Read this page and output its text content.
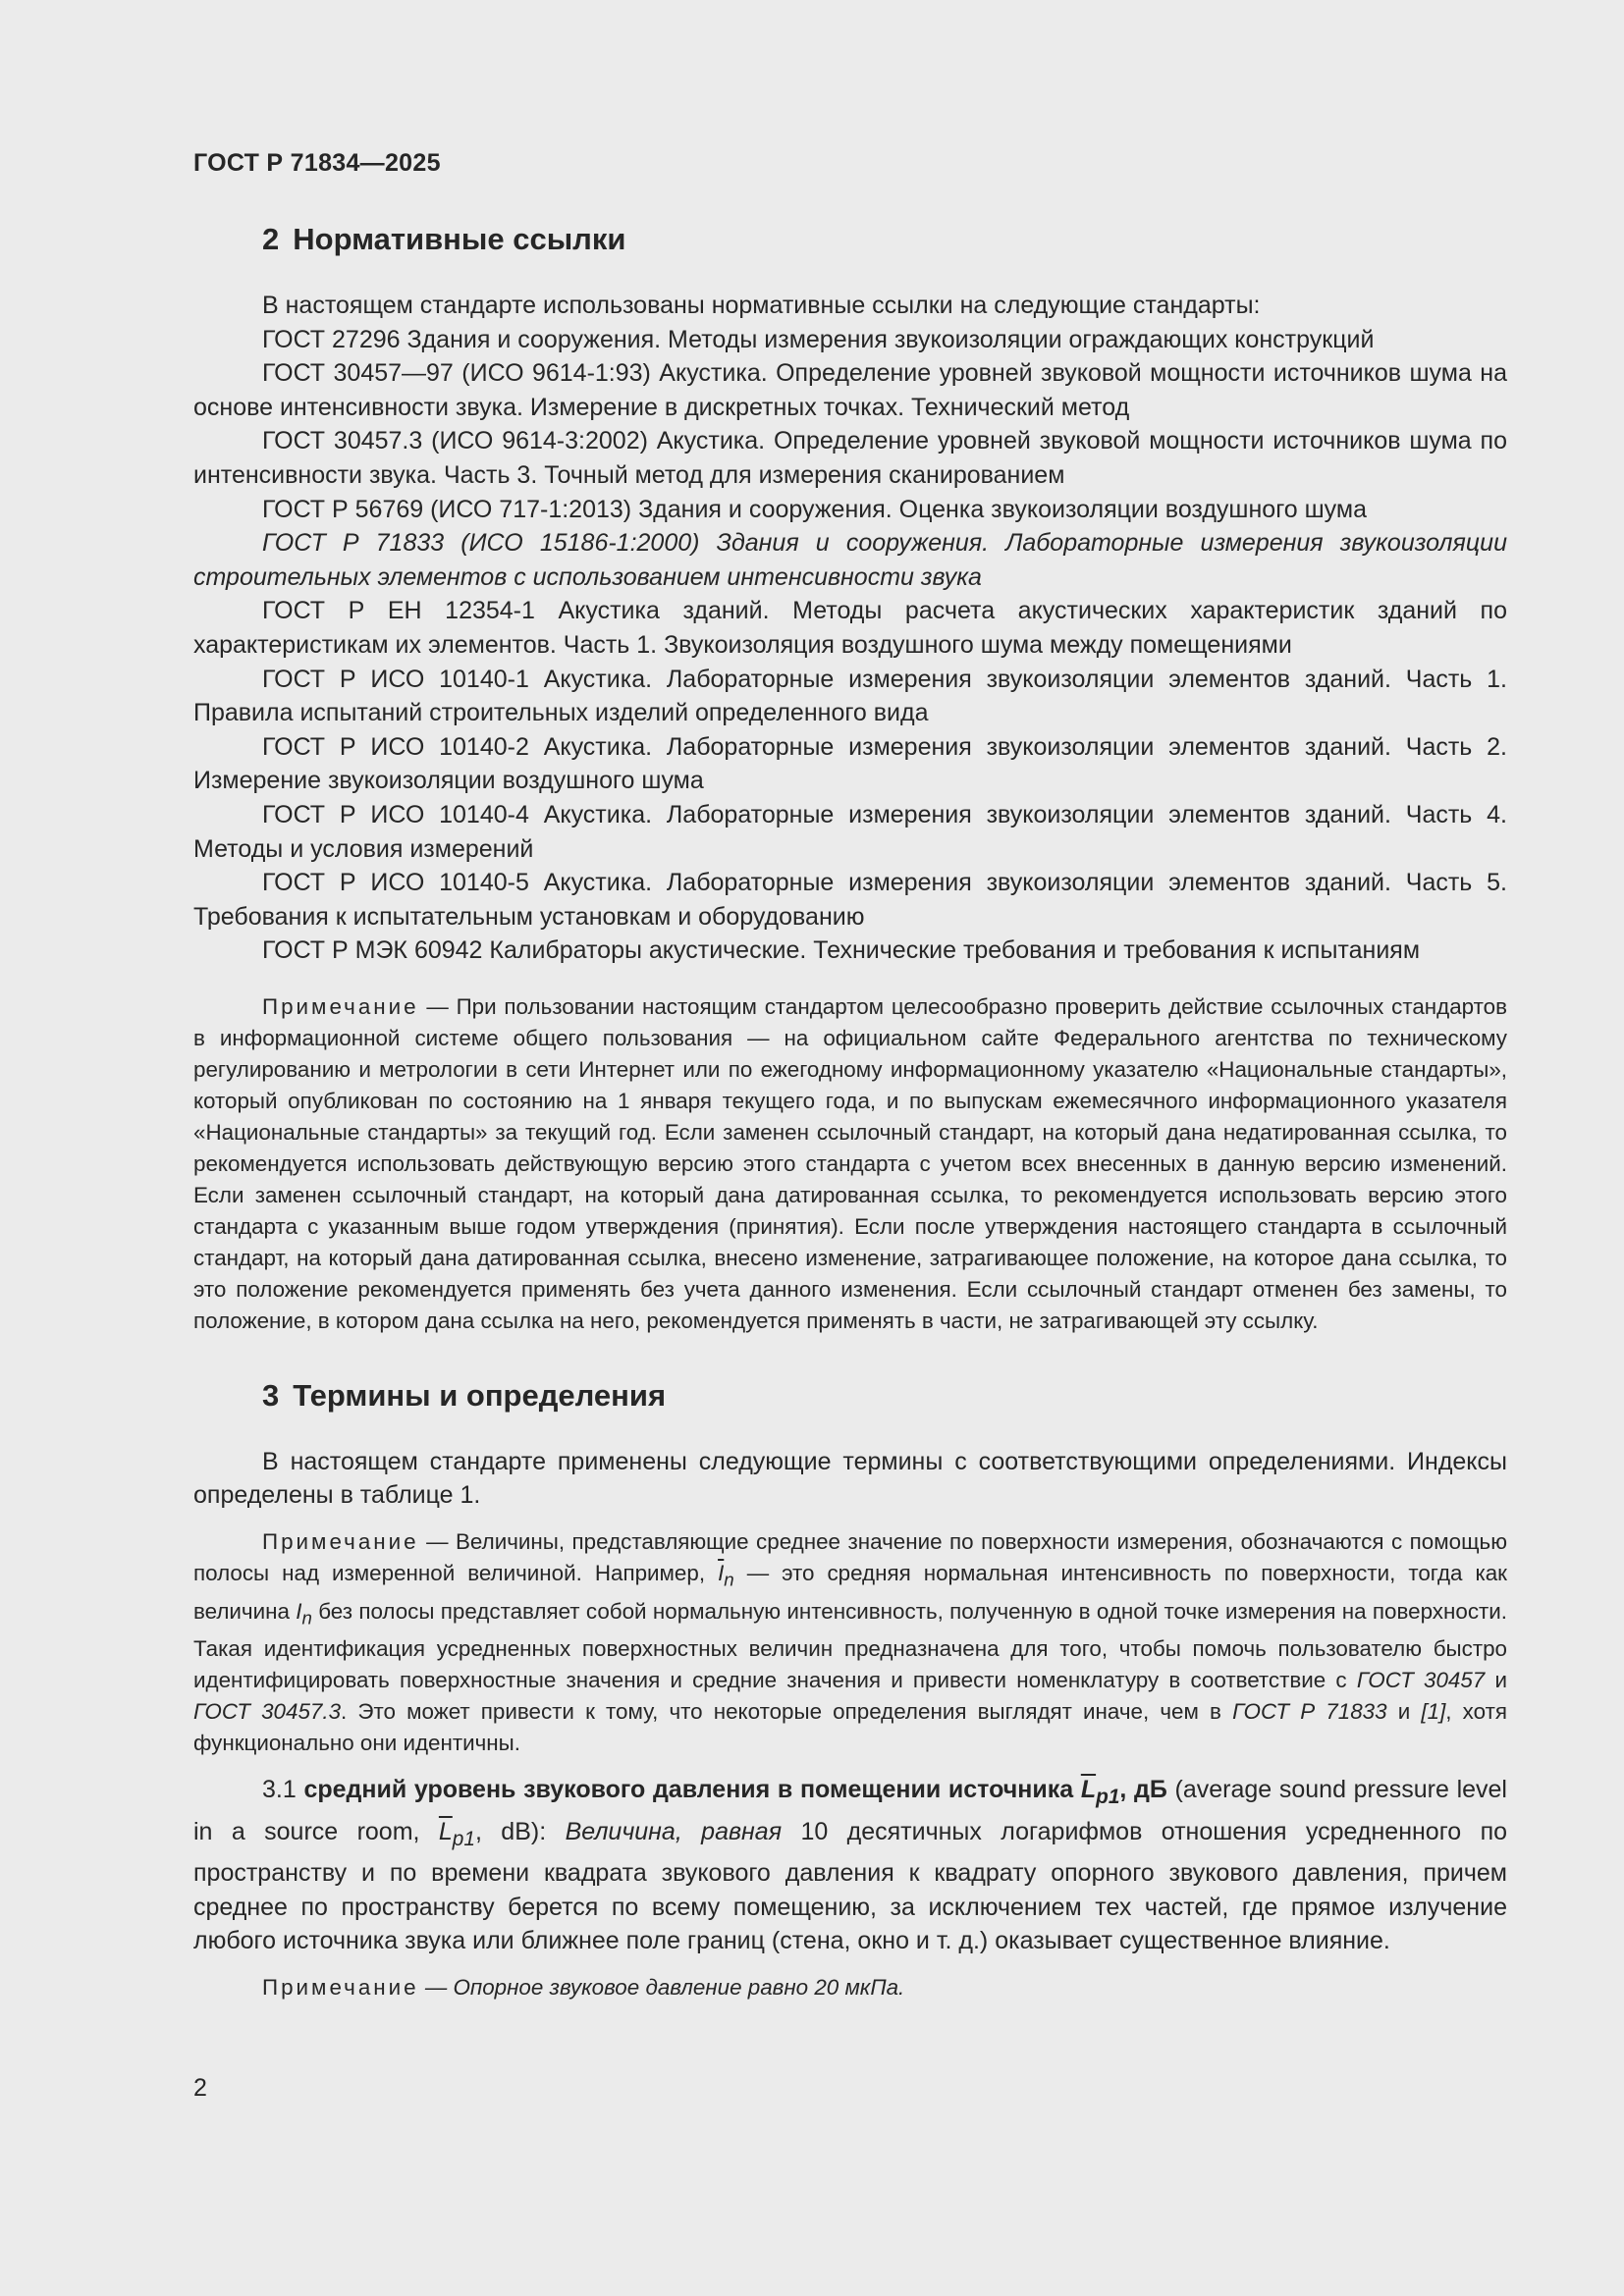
ГОСТ Р 71834—2025
2 Нормативные ссылки

В настоящем стандарте использованы нормативные ссылки на следующие стандарты:

ГОСТ 27296 Здания и сооружения. Методы измерения звукоизоляции ограждающих конструкций

ГОСТ 30457—97 (ИСО 9614-1:93) Акустика. Определение уровней звуковой мощности источников шума на основе интенсивности звука. Измерение в дискретных точках. Технический метод

ГОСТ 30457.3 (ИСО 9614-3:2002) Акустика. Определение уровней звуковой мощности источников шума по интенсивности звука. Часть 3. Точный метод для измерения сканированием

ГОСТ Р 56769 (ИСО 717-1:2013) Здания и сооружения. Оценка звукоизоляции воздушного шума

ГОСТ Р 71833 (ИСО 15186-1:2000) Здания и сооружения. Лабораторные измерения звукоизоляции строительных элементов с использованием интенсивности звука

ГОСТ Р ЕН 12354-1 Акустика зданий. Методы расчета акустических характеристик зданий по характеристикам их элементов. Часть 1. Звукоизоляция воздушного шума между помещениями

ГОСТ Р ИСО 10140-1 Акустика. Лабораторные измерения звукоизоляции элементов зданий. Часть 1. Правила испытаний строительных изделий определенного вида

ГОСТ Р ИСО 10140-2 Акустика. Лабораторные измерения звукоизоляции элементов зданий. Часть 2. Измерение звукоизоляции воздушного шума

ГОСТ Р ИСО 10140-4 Акустика. Лабораторные измерения звукоизоляции элементов зданий. Часть 4. Методы и условия измерений

ГОСТ Р ИСО 10140-5 Акустика. Лабораторные измерения звукоизоляции элементов зданий. Часть 5. Требования к испытательным установкам и оборудованию

ГОСТ Р МЭК 60942 Калибраторы акустические. Технические требования и требования к испытаниям

Примечание — При пользовании настоящим стандартом целесообразно проверить действие ссылочных стандартов в информационной системе общего пользования — на официальном сайте Федерального агентства по техническому регулированию и метрологии в сети Интернет или по ежегодному информационному указателю «Национальные стандарты», который опубликован по состоянию на 1 января текущего года, и по выпускам ежемесячного информационного указателя «Национальные стандарты» за текущий год. Если заменен ссылочный стандарт, на который дана недатированная ссылка, то рекомендуется использовать действующую версию этого стандарта с учетом всех внесенных в данную версию изменений. Если заменен ссылочный стандарт, на который дана датированная ссылка, то рекомендуется использовать версию этого стандарта с указанным выше годом утверждения (принятия). Если после утверждения настоящего стандарта в ссылочный стандарт, на который дана датированная ссылка, внесено изменение, затрагивающее положение, на которое дана ссылка, то это положение рекомендуется применять без учета данного изменения. Если ссылочный стандарт отменен без замены, то положение, в котором дана ссылка на него, рекомендуется применять в части, не затрагивающей эту ссылку.

3 Термины и определения

В настоящем стандарте применены следующие термины с соответствующими определениями. Индексы определены в таблице 1.

Примечание — Величины, представляющие среднее значение по поверхности измерения, обозначаются с помощью полосы над измеренной величиной. Например, $\overline{I}_n$ — это средняя нормальная интенсивность по поверхности, тогда как величина $I_n$ без полосы представляет собой нормальную интенсивность, полученную в одной точке измерения на поверхности. Такая идентификация усредненных поверхностных величин предназначена для того, чтобы помочь пользователю быстро идентифицировать поверхностные значения и средние значения и привести номенклатуру в соответствие с ГОСТ 30457 и ГОСТ 30457.3. Это может привести к тому, что некоторые определения выглядят иначе, чем в ГОСТ Р 71833 и [1], хотя функционально они идентичны.

3.1 средний уровень звукового давления в помещении источника $\overline{L}_{p1}$, дБ (average sound pressure level in a source room, $\overline{L}_{p1}$, dB): Величина, равная 10 десятичных логарифмов отношения усредненного по пространству и по времени квадрата звукового давления к квадрату опорного звукового давления, причем среднее по пространству берется по всему помещению, за исключением тех частей, где прямое излучение любого источника звука или ближнее поле границ (стена, окно и т. д.) оказывает существенное влияние.

Примечание — Опорное звуковое давление равно 20 мкПа.

2
